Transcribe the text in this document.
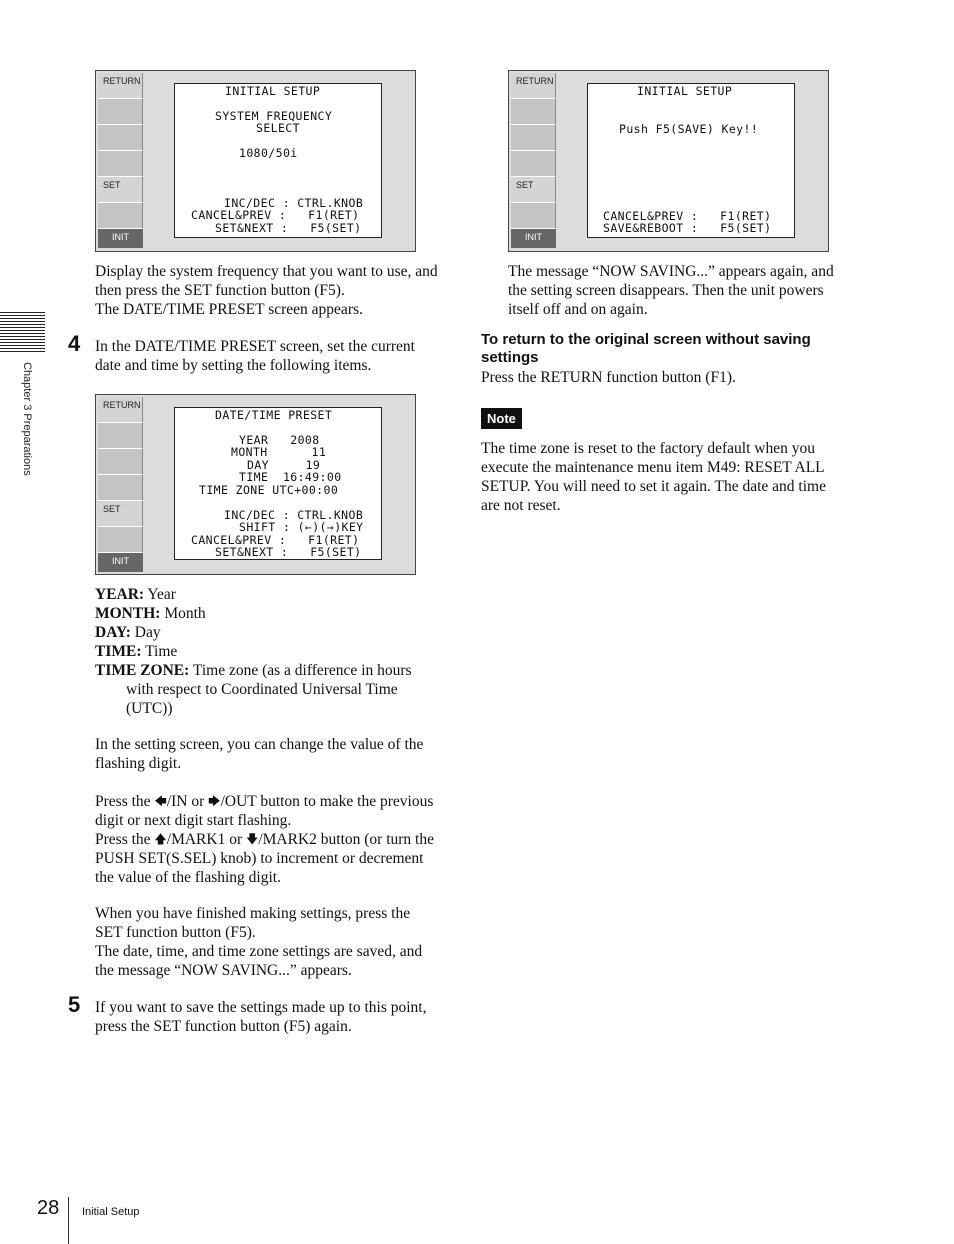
Chapter 3 Preparations
RETURN
SET
INIT
INITIAL SETUP
SYSTEM FREQUENCY
SELECT
1080/50i
INC/DEC : CTRL.KNOB
CANCEL&PREV :   F1(RET)
SET&NEXT :   F5(SET)
RETURN
SET
INIT
INITIAL SETUP
Push F5(SAVE) Key!!
CANCEL&PREV :   F1(RET)
SAVE&REBOOT :   F5(SET)
Display the system frequency that you want to use, and
then press the SET function button (F5).
The DATE/TIME PRESET screen appears.
4 In the DATE/TIME PRESET screen, set the current
date and time by setting the following items.
RETURN
SET
INIT
DATE/TIME PRESET
YEAR   2008
MONTH      11
DAY     19
TIME  16:49:00
TIME ZONE UTC+00:00
INC/DEC : CTRL.KNOB
SHIFT : (←)(→)KEY
CANCEL&PREV :   F1(RET)
SET&NEXT :   F5(SET)
YEAR: Year
MONTH: Month
DAY: Day
TIME: Time
TIME ZONE: Time zone (as a difference in hours
with respect to Coordinated Universal Time
(UTC))
In the setting screen, you can change the value of the
flashing digit.
Press the 🡄/IN or 🡆/OUT button to make the previous
digit or next digit start flashing.
Press the 🡅/MARK1 or 🡇/MARK2 button (or turn the
PUSH SET(S.SEL) knob) to increment or decrement
the value of the flashing digit.
When you have finished making settings, press the
SET function button (F5).
The date, time, and time zone settings are saved, and
the message “NOW SAVING...” appears.
5 If you want to save the settings made up to this point,
press the SET function button (F5) again.
The message “NOW SAVING...” appears again, and
the setting screen disappears. Then the unit powers
itself off and on again.
To return to the original screen without saving
settings
Press the RETURN function button (F1).
Note
The time zone is reset to the factory default when you
execute the maintenance menu item M49: RESET ALL
SETUP. You will need to set it again. The date and time
are not reset.
28 Initial Setup
